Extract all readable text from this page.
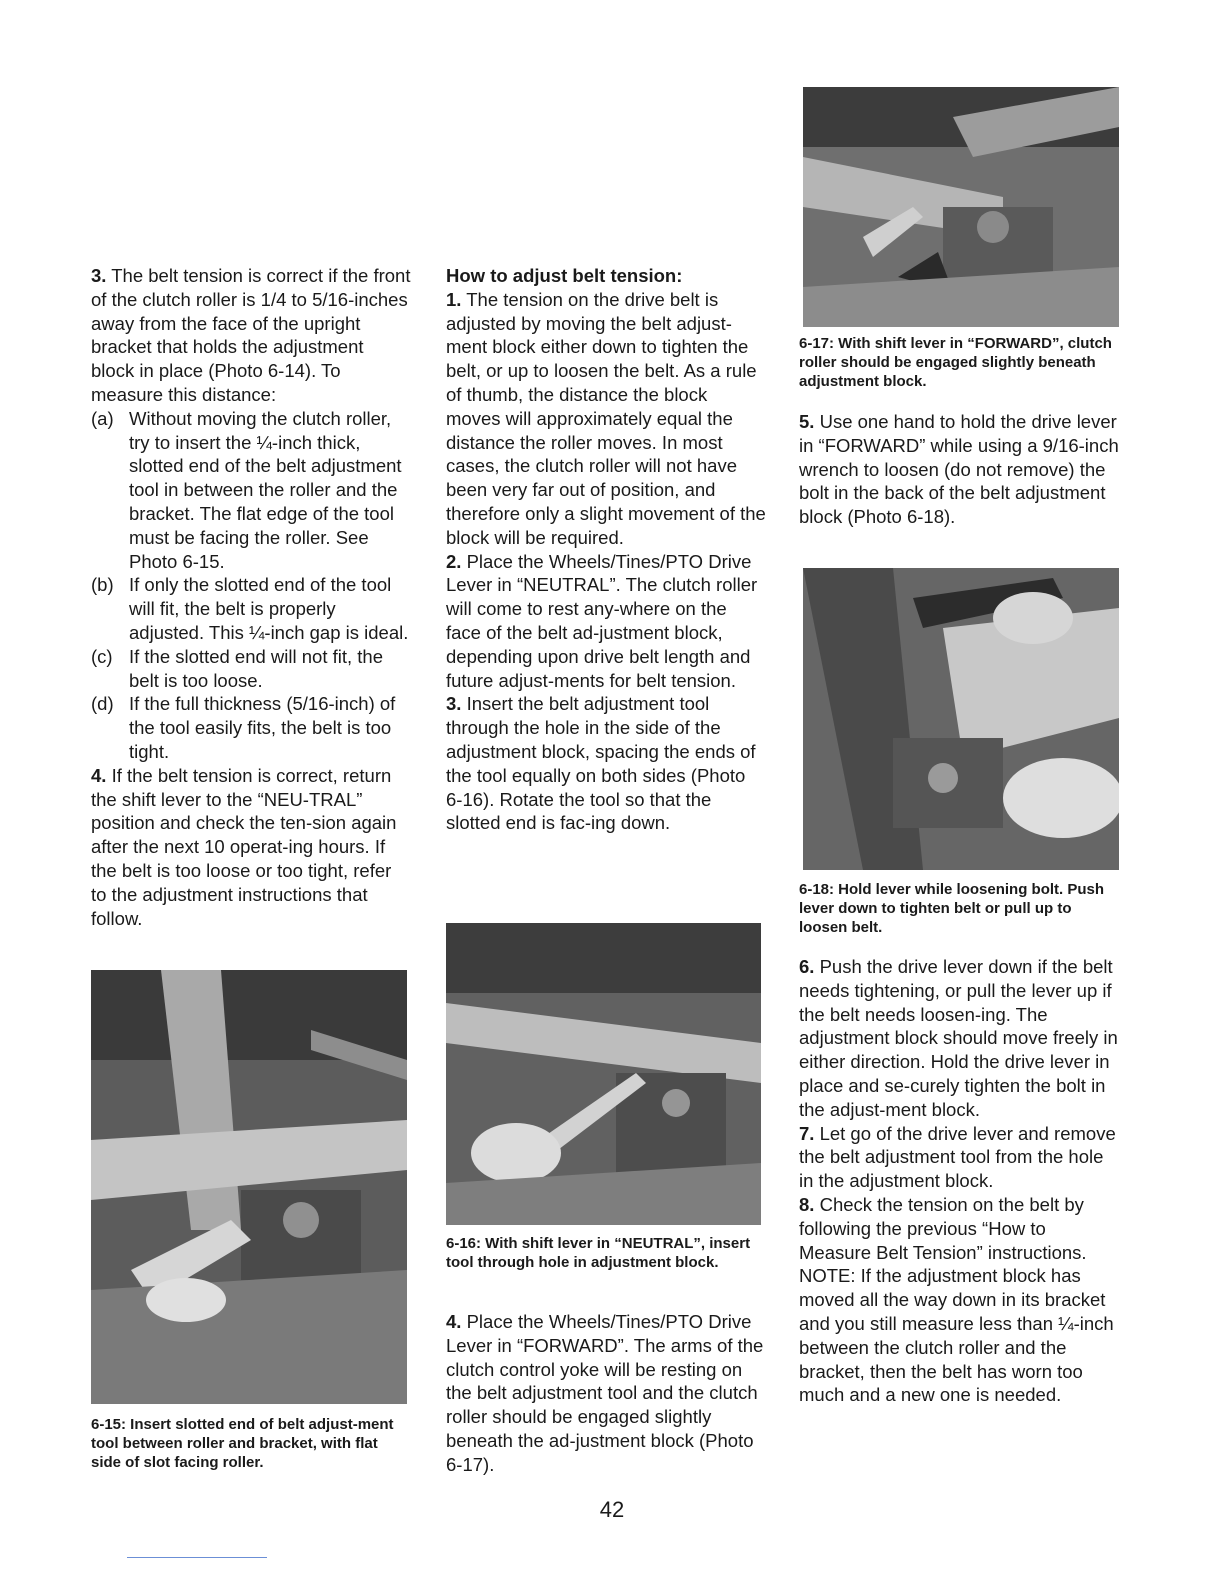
3. The belt tension is correct if the front of the clutch roller is 1/4 to 5/16-inches away from the face of the upright bracket that holds the adjustment block in place (Photo 6-14). To measure this distance:

(a) Without moving the clutch roller, try to insert the ¼-inch thick, slotted end of the belt adjustment tool in between the roller and the bracket. The flat edge of the tool must be facing the roller. See Photo 6-15.
(b) If only the slotted end of the tool will fit, the belt is properly adjusted. This ¼-inch gap is ideal.
(c) If the slotted end will not fit, the belt is too loose.
(d) If the full thickness (5/16-inch) of the tool easily fits, the belt is too tight.

4. If the belt tension is correct, return the shift lever to the “NEU-TRAL” position and check the ten-sion again after the next 10 operat-ing hours. If the belt is too loose or too tight, refer to the adjustment instructions that follow.

6-15: Insert slotted end of belt adjust-ment tool between roller and bracket, with flat side of slot facing roller.

How to adjust belt tension:

1. The tension on the drive belt is adjusted by moving the belt adjust-ment block either down to tighten the belt, or up to loosen the belt. As a rule of thumb, the distance the block moves will approximately equal the distance the roller moves. In most cases, the clutch roller will not have been very far out of position, and therefore only a slight movement of the block will be required.

2. Place the Wheels/Tines/PTO Drive Lever in “NEUTRAL”. The clutch roller will come to rest any-where on the face of the belt ad-justment block, depending upon drive belt length and future adjust-ments for belt tension.

3. Insert the belt adjustment tool through the hole in the side of the adjustment block, spacing the ends of the tool equally on both sides (Photo 6-16). Rotate the tool so that the slotted end is fac-ing down.

6-16: With shift lever in “NEUTRAL”, insert tool through hole in adjustment block.

4. Place the Wheels/Tines/PTO Drive Lever in “FORWARD”. The arms of the clutch control yoke will be resting on the belt adjustment tool and the clutch roller should be engaged slightly beneath the ad-justment block (Photo 6-17).

6-17: With shift lever in “FORWARD”, clutch roller should be engaged slightly beneath adjustment block.

5. Use one hand to hold the drive lever in “FORWARD” while using a 9/16-inch wrench to loosen (do not remove) the bolt in the back of the belt adjustment block (Photo 6-18).

6-18: Hold lever while loosening bolt. Push lever down to tighten belt or pull up to loosen belt.

6. Push the drive lever down if the belt needs tightening, or pull the lever up if the belt needs loosen-ing. The adjustment block should move freely in either direction. Hold the drive lever in place and se-curely tighten the bolt in the adjust-ment block.

7. Let go of the drive lever and remove the belt adjustment tool from the hole in the adjustment block.

8. Check the tension on the belt by following the previous “How to Measure Belt Tension” instructions. NOTE: If the adjustment block has moved all the way down in its bracket and you still measure less than ¼-inch between the clutch roller and the bracket, then the belt has worn too much and a new one is needed.

42
